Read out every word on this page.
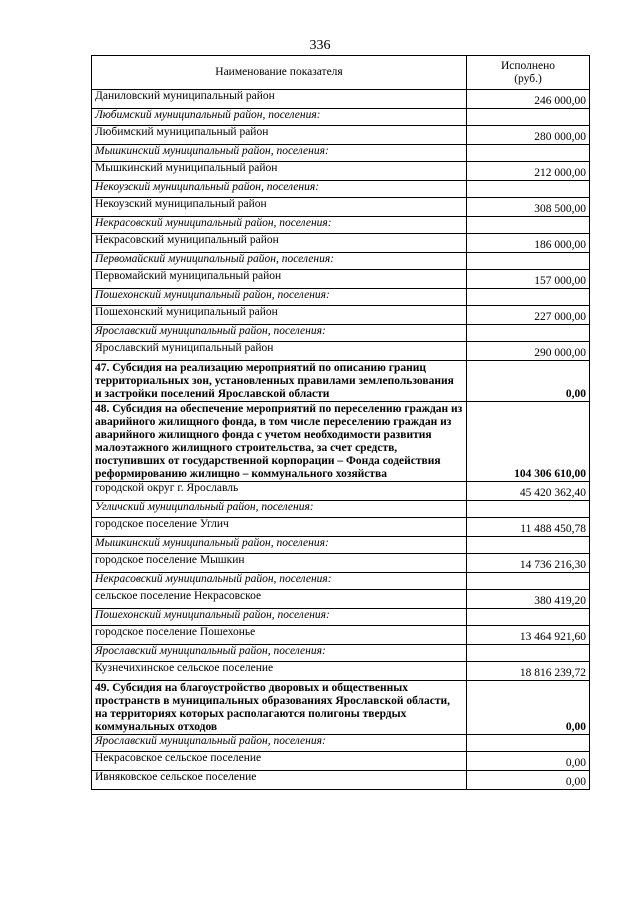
336
Наименование показателя	Исполнено
(руб.)
Даниловский муниципальный район	246 000,00
Любимский муниципальный район, поселения:	
Любимский муниципальный район	280 000,00
Мышкинский муниципальный район, поселения:	
Мышкинский муниципальный район	212 000,00
Некоузский муниципальный район, поселения:	
Некоузский муниципальный район	308 500,00
Некрасовский муниципальный район, поселения:	
Некрасовский муниципальный район	186 000,00
Первомайский муниципальный район, поселения:	
Первомайский муниципальный район	157 000,00
Пошехонский муниципальный район, поселения:	
Пошехонский муниципальный район	227 000,00
Ярославский муниципальный район, поселения:	
Ярославский муниципальный район	290 000,00
47. Субсидия на реализацию мероприятий по описанию границ территориальных зон, установленных правилами землепользования и застройки поселений Ярославской области	0,00
48. Субсидия на обеспечение мероприятий по переселению граждан из аварийного жилищного фонда, в том числе переселению граждан из аварийного жилищного фонда с учетом необходимости развития малоэтажного жилищного строительства, за счет средств, поступивших от государственной корпорации – Фонда содействия реформированию жилищно – коммунального хозяйства	104 306 610,00
городской округ г. Ярославль	45 420 362,40
Угличский муниципальный район, поселения:	
городское поселение Углич	11 488 450,78
Мышкинский муниципальный район, поселения:	
городское поселение Мышкин	14 736 216,30
Некрасовский муниципальный район, поселения:	
сельское поселение Некрасовское	380 419,20
Пошехонский муниципальный район, поселения:	
городское поселение Пошехонье	13 464 921,60
Ярославский муниципальный район, поселения:	
Кузнечихинское сельское поселение	18 816 239,72
49. Субсидия на благоустройство дворовых и общественных пространств в муниципальных образованиях Ярославской области, на территориях которых располагаются полигоны твердых коммунальных отходов	0,00
Ярославский муниципальный район, поселения:	
Некрасовское сельское поселение	0,00
Ивняковское сельское поселение	0,00
